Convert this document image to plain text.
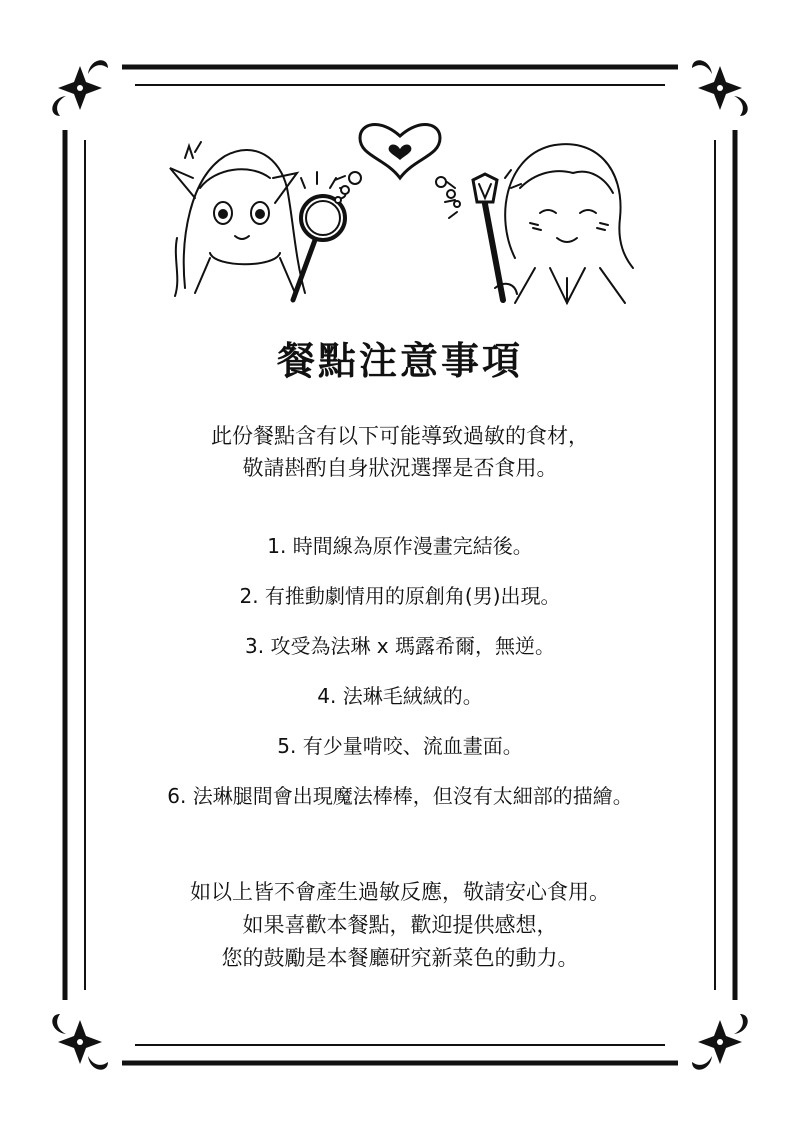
餐點注意事項
此份餐點含有以下可能導致過敏的食材，
敬請斟酌自身狀況選擇是否食用。
1. 時間線為原作漫畫完結後。
2. 有推動劇情用的原創角(男)出現。
3. 攻受為法琳 x 瑪露希爾，無逆。
4. 法琳毛絨絨的。
5. 有少量啃咬、流血畫面。
6. 法琳腿間會出現魔法棒棒，但沒有太細部的描繪。
如以上皆不會產生過敏反應，敬請安心食用。
如果喜歡本餐點，歡迎提供感想，
您的鼓勵是本餐廳研究新菜色的動力。
